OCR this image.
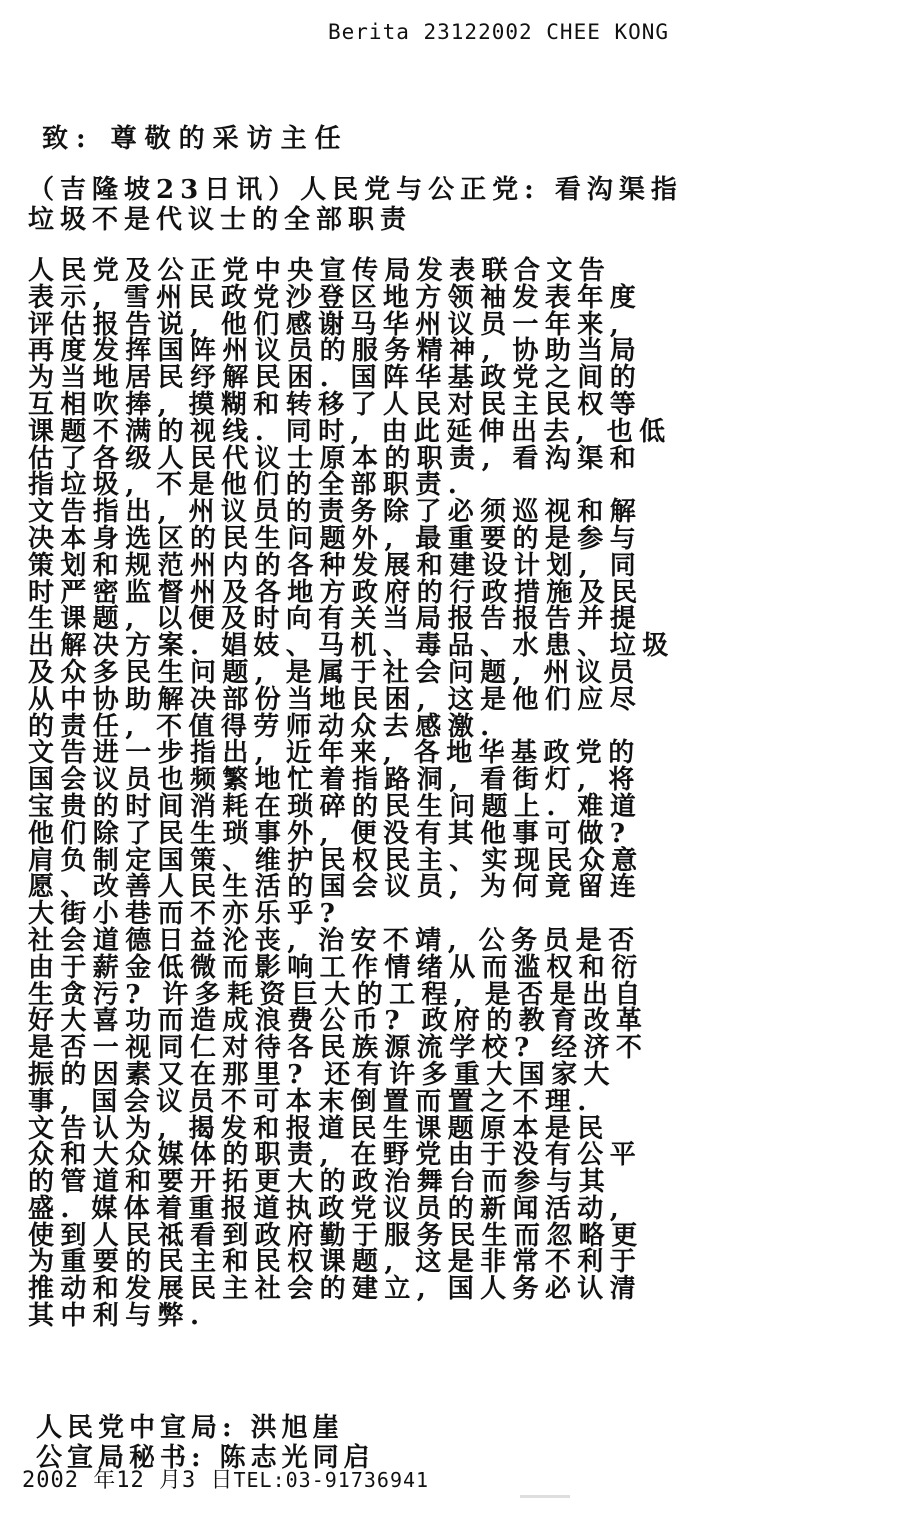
Berita 23122002 CHEE KONG
致: 尊敬的采访主任
（吉隆坡23日讯）人民党与公正党: 看沟渠指
垃圾不是代议士的全部职责
人民党及公正党中央宣传局发表联合文告
表示, 雪州民政党沙登区地方领袖发表年度
评估报告说, 他们感谢马华州议员一年来,
再度发挥国阵州议员的服务精神, 协助当局
为当地居民纾解民困. 国阵华基政党之间的
互相吹捧, 摸糊和转移了人民对民主民权等
课题不满的视线. 同时, 由此延伸出去, 也低
估了各级人民代议士原本的职责, 看沟渠和
指垃圾, 不是他们的全部职责.
文告指出, 州议员的责务除了必须巡视和解
决本身选区的民生问题外, 最重要的是参与
策划和规范州内的各种发展和建设计划, 同
时严密监督州及各地方政府的行政措施及民
生课题, 以便及时向有关当局报告报告并提
出解决方案. 娼妓、马机、毒品、水患、垃圾
及众多民生问题, 是属于社会问题, 州议员
从中协助解决部份当地民困, 这是他们应尽
的责任, 不值得劳师动众去感激.
文告进一步指出, 近年来, 各地华基政党的
国会议员也频繁地忙着指路洞, 看街灯, 将
宝贵的时间消耗在琐碎的民生问题上. 难道
他们除了民生琐事外, 便没有其他事可做?
肩负制定国策、维护民权民主、实现民众意
愿、改善人民生活的国会议员, 为何竟留连
大街小巷而不亦乐乎?
社会道德日益沦丧, 治安不靖, 公务员是否
由于薪金低微而影响工作情绪从而滥权和衍
生贪污? 许多耗资巨大的工程, 是否是出自
好大喜功而造成浪费公币? 政府的教育改革
是否一视同仁对待各民族源流学校? 经济不
振的因素又在那里? 还有许多重大国家大
事, 国会议员不可本末倒置而置之不理.
文告认为, 揭发和报道民生课题原本是民
众和大众媒体的职责, 在野党由于没有公平
的管道和要开拓更大的政治舞台而参与其
盛. 媒体着重报道执政党议员的新闻活动,
使到人民祗看到政府勤于服务民生而忽略更
为重要的民主和民权课题, 这是非常不利于
推动和发展民主社会的建立, 国人务必认清
其中利与弊.
人民党中宣局: 洪旭崖
公宣局秘书: 陈志光同启
2002 年12 月3 日TEL:03-91736941
